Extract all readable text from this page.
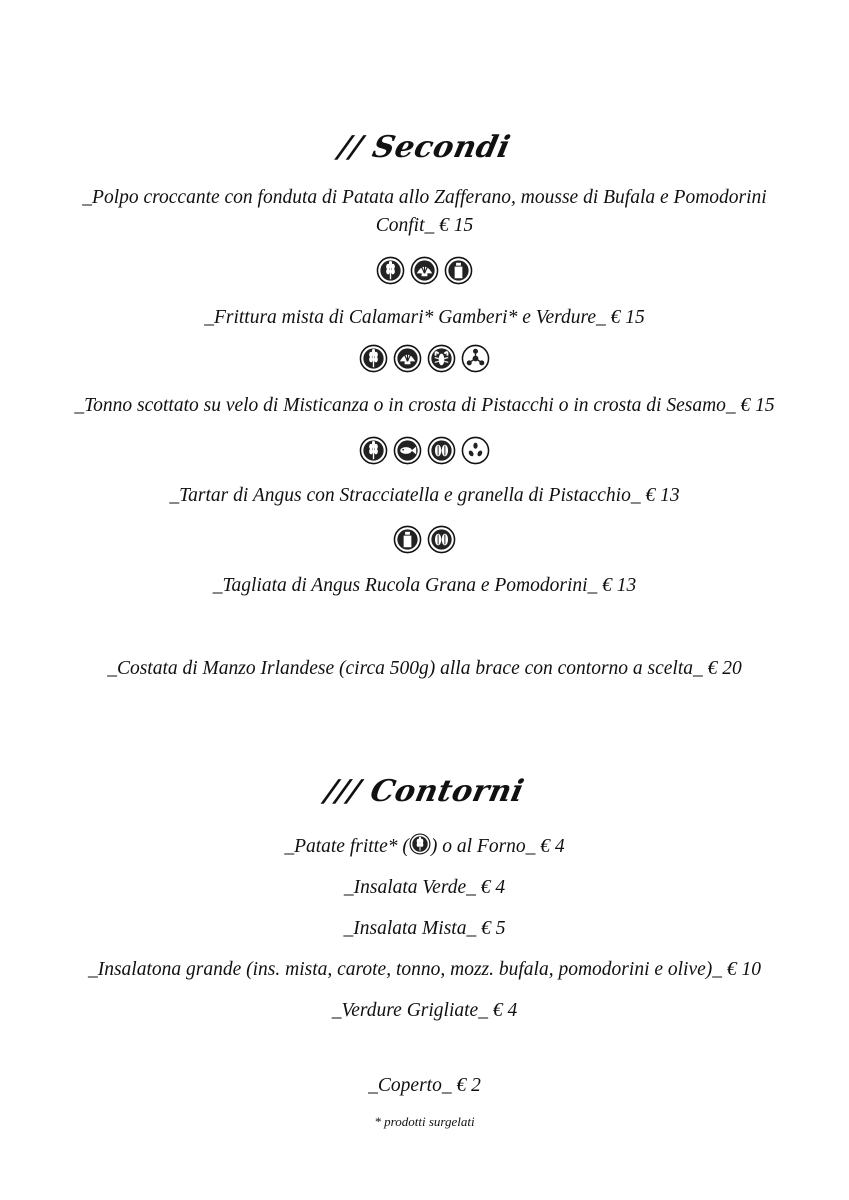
// Secondi
_Polpo croccante con fonduta di Patata allo Zafferano, mousse di Bufala e Pomodorini Confit_ € 15
_Frittura mista di Calamari* Gamberi* e Verdure_ € 15
_Tonno scottato su velo di Misticanza o in crosta di Pistacchi o in crosta di Sesamo_ € 15
_Tartar di Angus con Stracciatella e granella di Pistacchio_ € 13
_Tagliata di Angus Rucola Grana e Pomodorini_ € 13
_Costata di Manzo Irlandese (circa 500g) alla brace con contorno a scelta_ € 20
/// Contorni
_Patate fritte* ( ) o al Forno_ € 4
_Insalata Verde_ € 4
_Insalata Mista_ € 5
_Insalatona grande (ins. mista, carote, tonno, mozz. bufala, pomodorini e olive)_ € 10
_Verdure Grigliate_ € 4
_Coperto_ € 2
* prodotti surgelati
